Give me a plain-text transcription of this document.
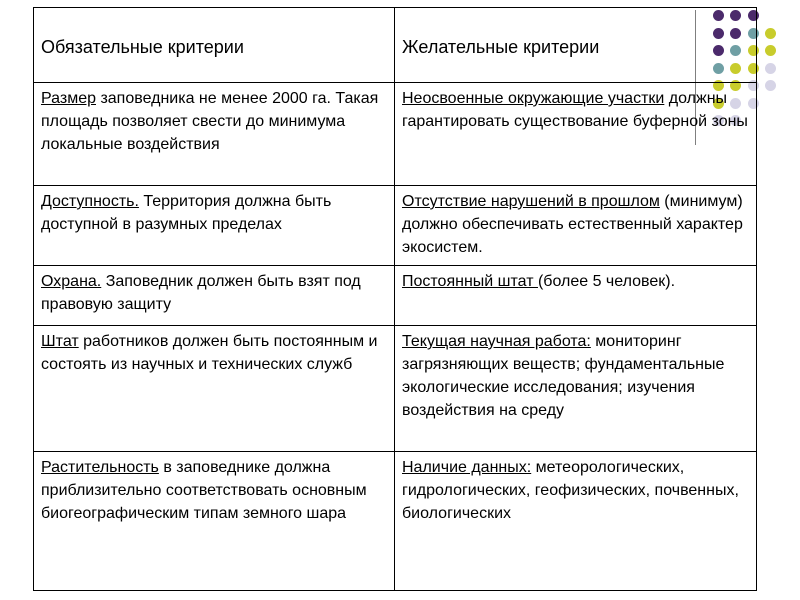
Обязательные критерии	Желательные критерии
Размер заповедника не менее 2000 га. Такая площадь позволяет свести до минимума локальные воздействия	Неосвоенные окружающие участки должны гарантировать существование буферной зоны
Доступность. Территория должна быть доступной в разумных пределах	Отсутствие нарушений в прошлом (минимум) должно обеспечивать естественный характер экосистем.
Охрана. Заповедник должен быть взят под правовую защиту	Постоянный штат (более 5 человек).
Штат работников должен быть постоянным и состоять из научных и технических служб	Текущая научная работа: мониторинг загрязняющих веществ; фундаментальные экологические исследования; изучения воздействия на среду
Растительность в заповеднике должна приблизительно соответствовать основным биогеографическим типам земного шара	Наличие данных: метеорологических, гидрологических, геофизических, почвенных, биологических
